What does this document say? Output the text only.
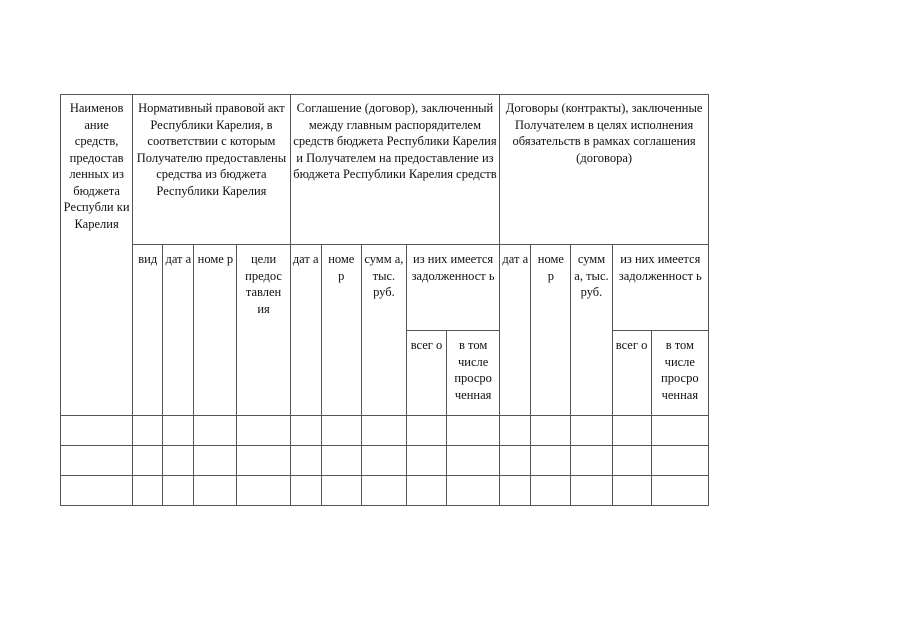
Наименов ание средств, предостав ленных из бюджета Республи ки Карелия	Нормативный правовой акт Республики Карелия, в соответствии с которым Получателю предоставлены средства из бюджета Республики Карелия				Соглашение (договор), заключенный между главным распорядителем средств бюджета Республики Карелия и Получателем на предоставление из бюджета Республики Карелия средств					Договоры (контракты), заключенные Получателем в целях исполнения обязательств в рамках соглашения (договора)				
	вид	дат а	номе р	цели предос тавлен ия	дат а	номе р	сумм а, тыс. руб.	из них имеется задолженност ь		дат а	номе р	сумм а, тыс. руб.	из них имеется задолженност ь	
								всег о	в том числе просро ченная				всег о	в том числе просро ченная
